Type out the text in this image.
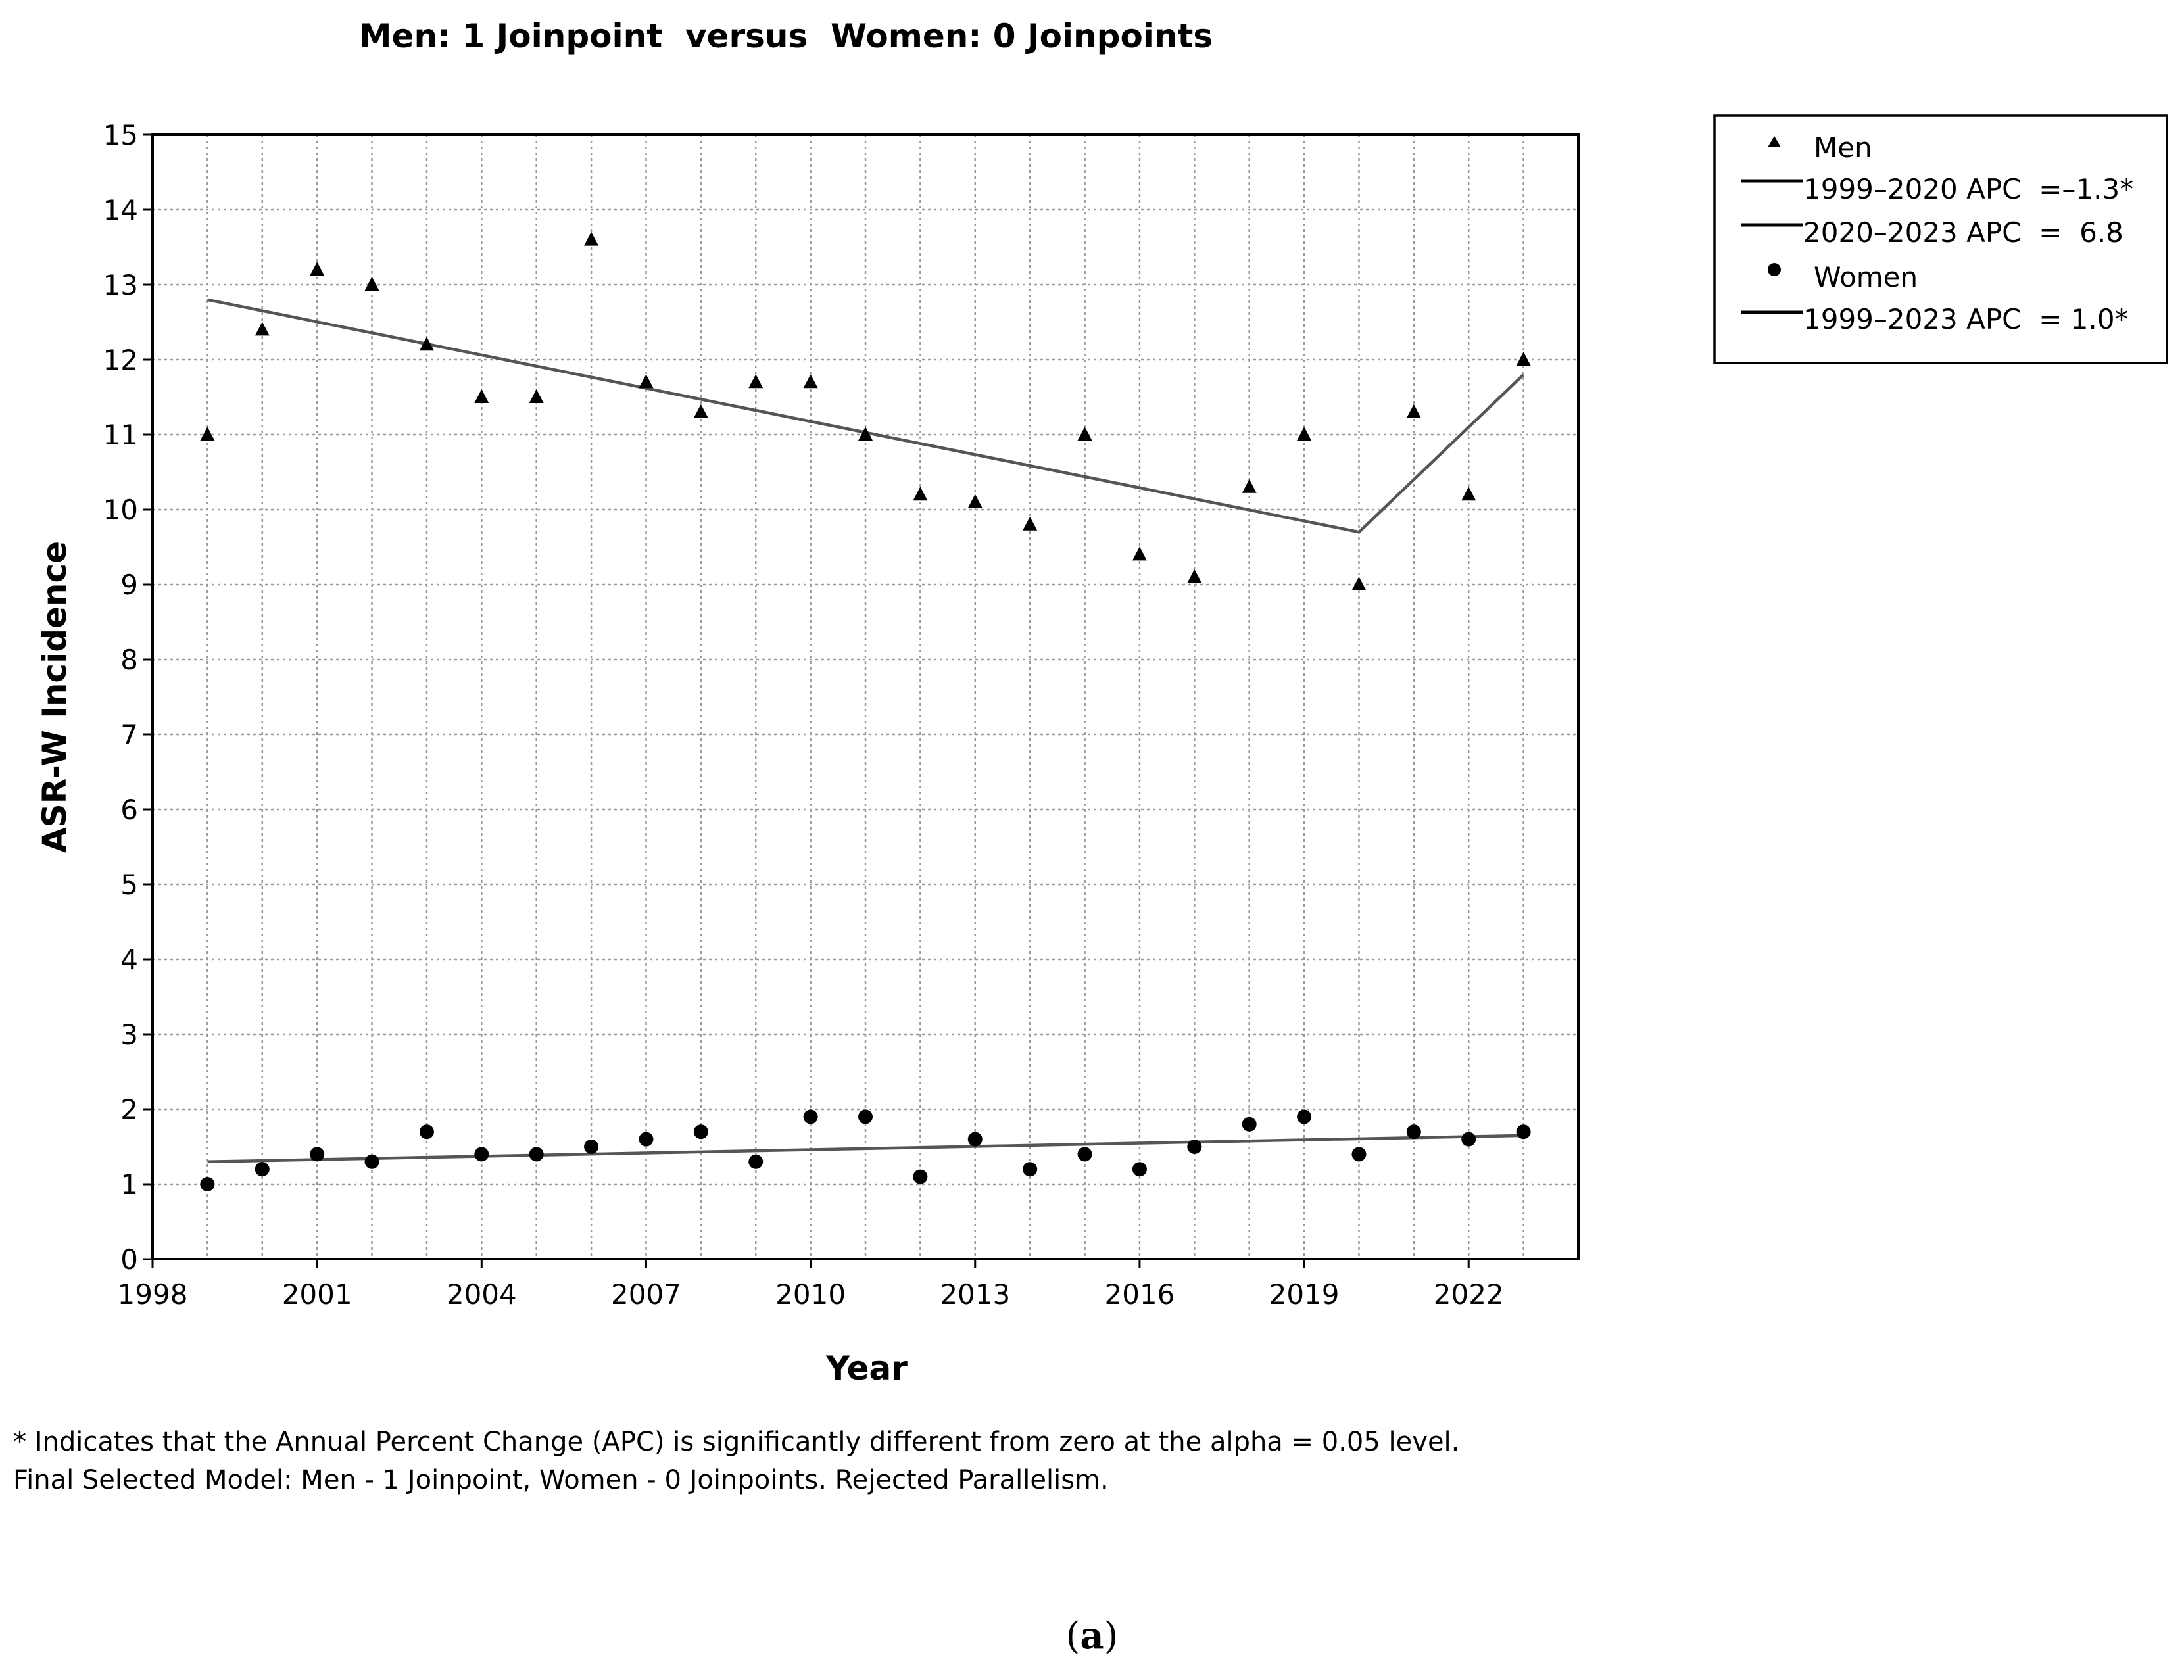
Men: 1 Joinpoint  versus  Women: 0 Joinpoints
0
1
2
3
4
5
6
7
8
9
10
11
12
13
14
15
1998	2001	2004	2007	2010	2013	2016	2019	2022
ASR-W Incidence
Year
Men
1999–2020 APC  =–1.3*
2020–2023 APC  =  6.8
Women
1999–2023 APC  = 1.0*
* Indicates that the Annual Percent Change (APC) is significantly different from zero at the alpha = 0.05 level.
Final Selected Model: Men - 1 Joinpoint, Women - 0 Joinpoints. Rejected Parallelism.
(a)
